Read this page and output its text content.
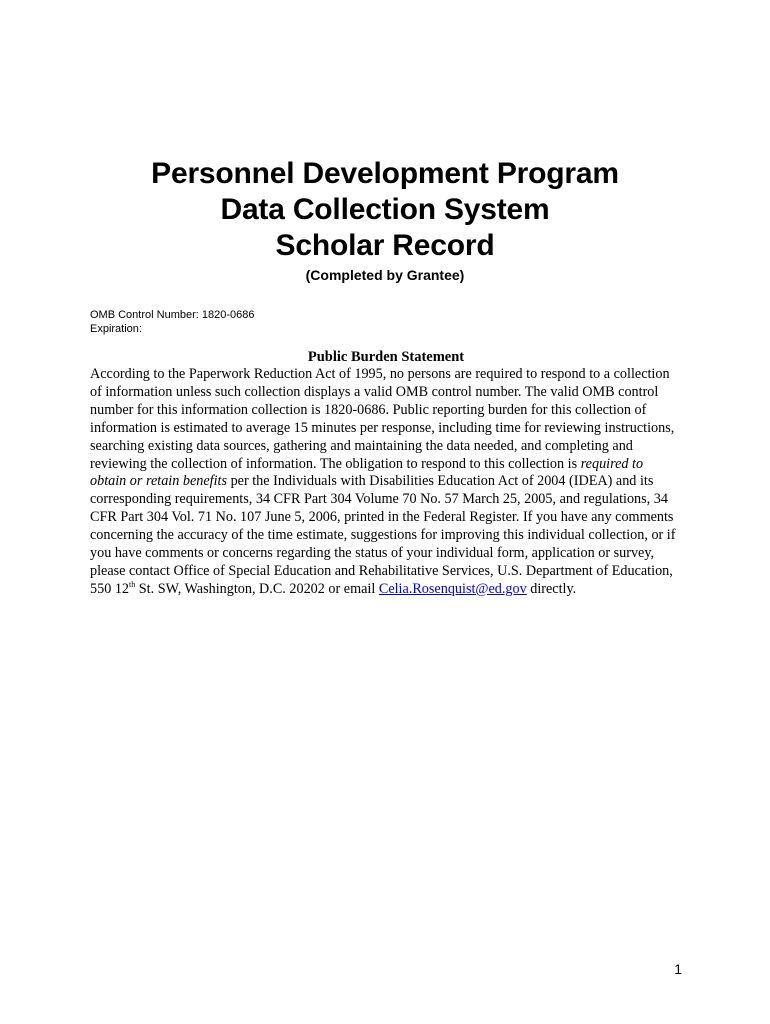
Personnel Development Program
Data Collection System
Scholar Record
(Completed by Grantee)
OMB Control Number: 1820-0686
Expiration:
Public Burden Statement
According to the Paperwork Reduction Act of 1995, no persons are required to respond to a collection of information unless such collection displays a valid OMB control number. The valid OMB control number for this information collection is 1820-0686. Public reporting burden for this collection of information is estimated to average 15 minutes per response, including time for reviewing instructions, searching existing data sources, gathering and maintaining the data needed, and completing and reviewing the collection of information. The obligation to respond to this collection is required to obtain or retain benefits per the Individuals with Disabilities Education Act of 2004 (IDEA) and its corresponding requirements, 34 CFR Part 304 Volume 70 No. 57 March 25, 2005, and regulations, 34 CFR Part 304 Vol. 71 No. 107 June 5, 2006, printed in the Federal Register. If you have any comments concerning the accuracy of the time estimate, suggestions for improving this individual collection, or if you have comments or concerns regarding the status of your individual form, application or survey, please contact Office of Special Education and Rehabilitative Services, U.S. Department of Education, 550 12th St. SW, Washington, D.C. 20202 or email Celia.Rosenquist@ed.gov directly.
1
